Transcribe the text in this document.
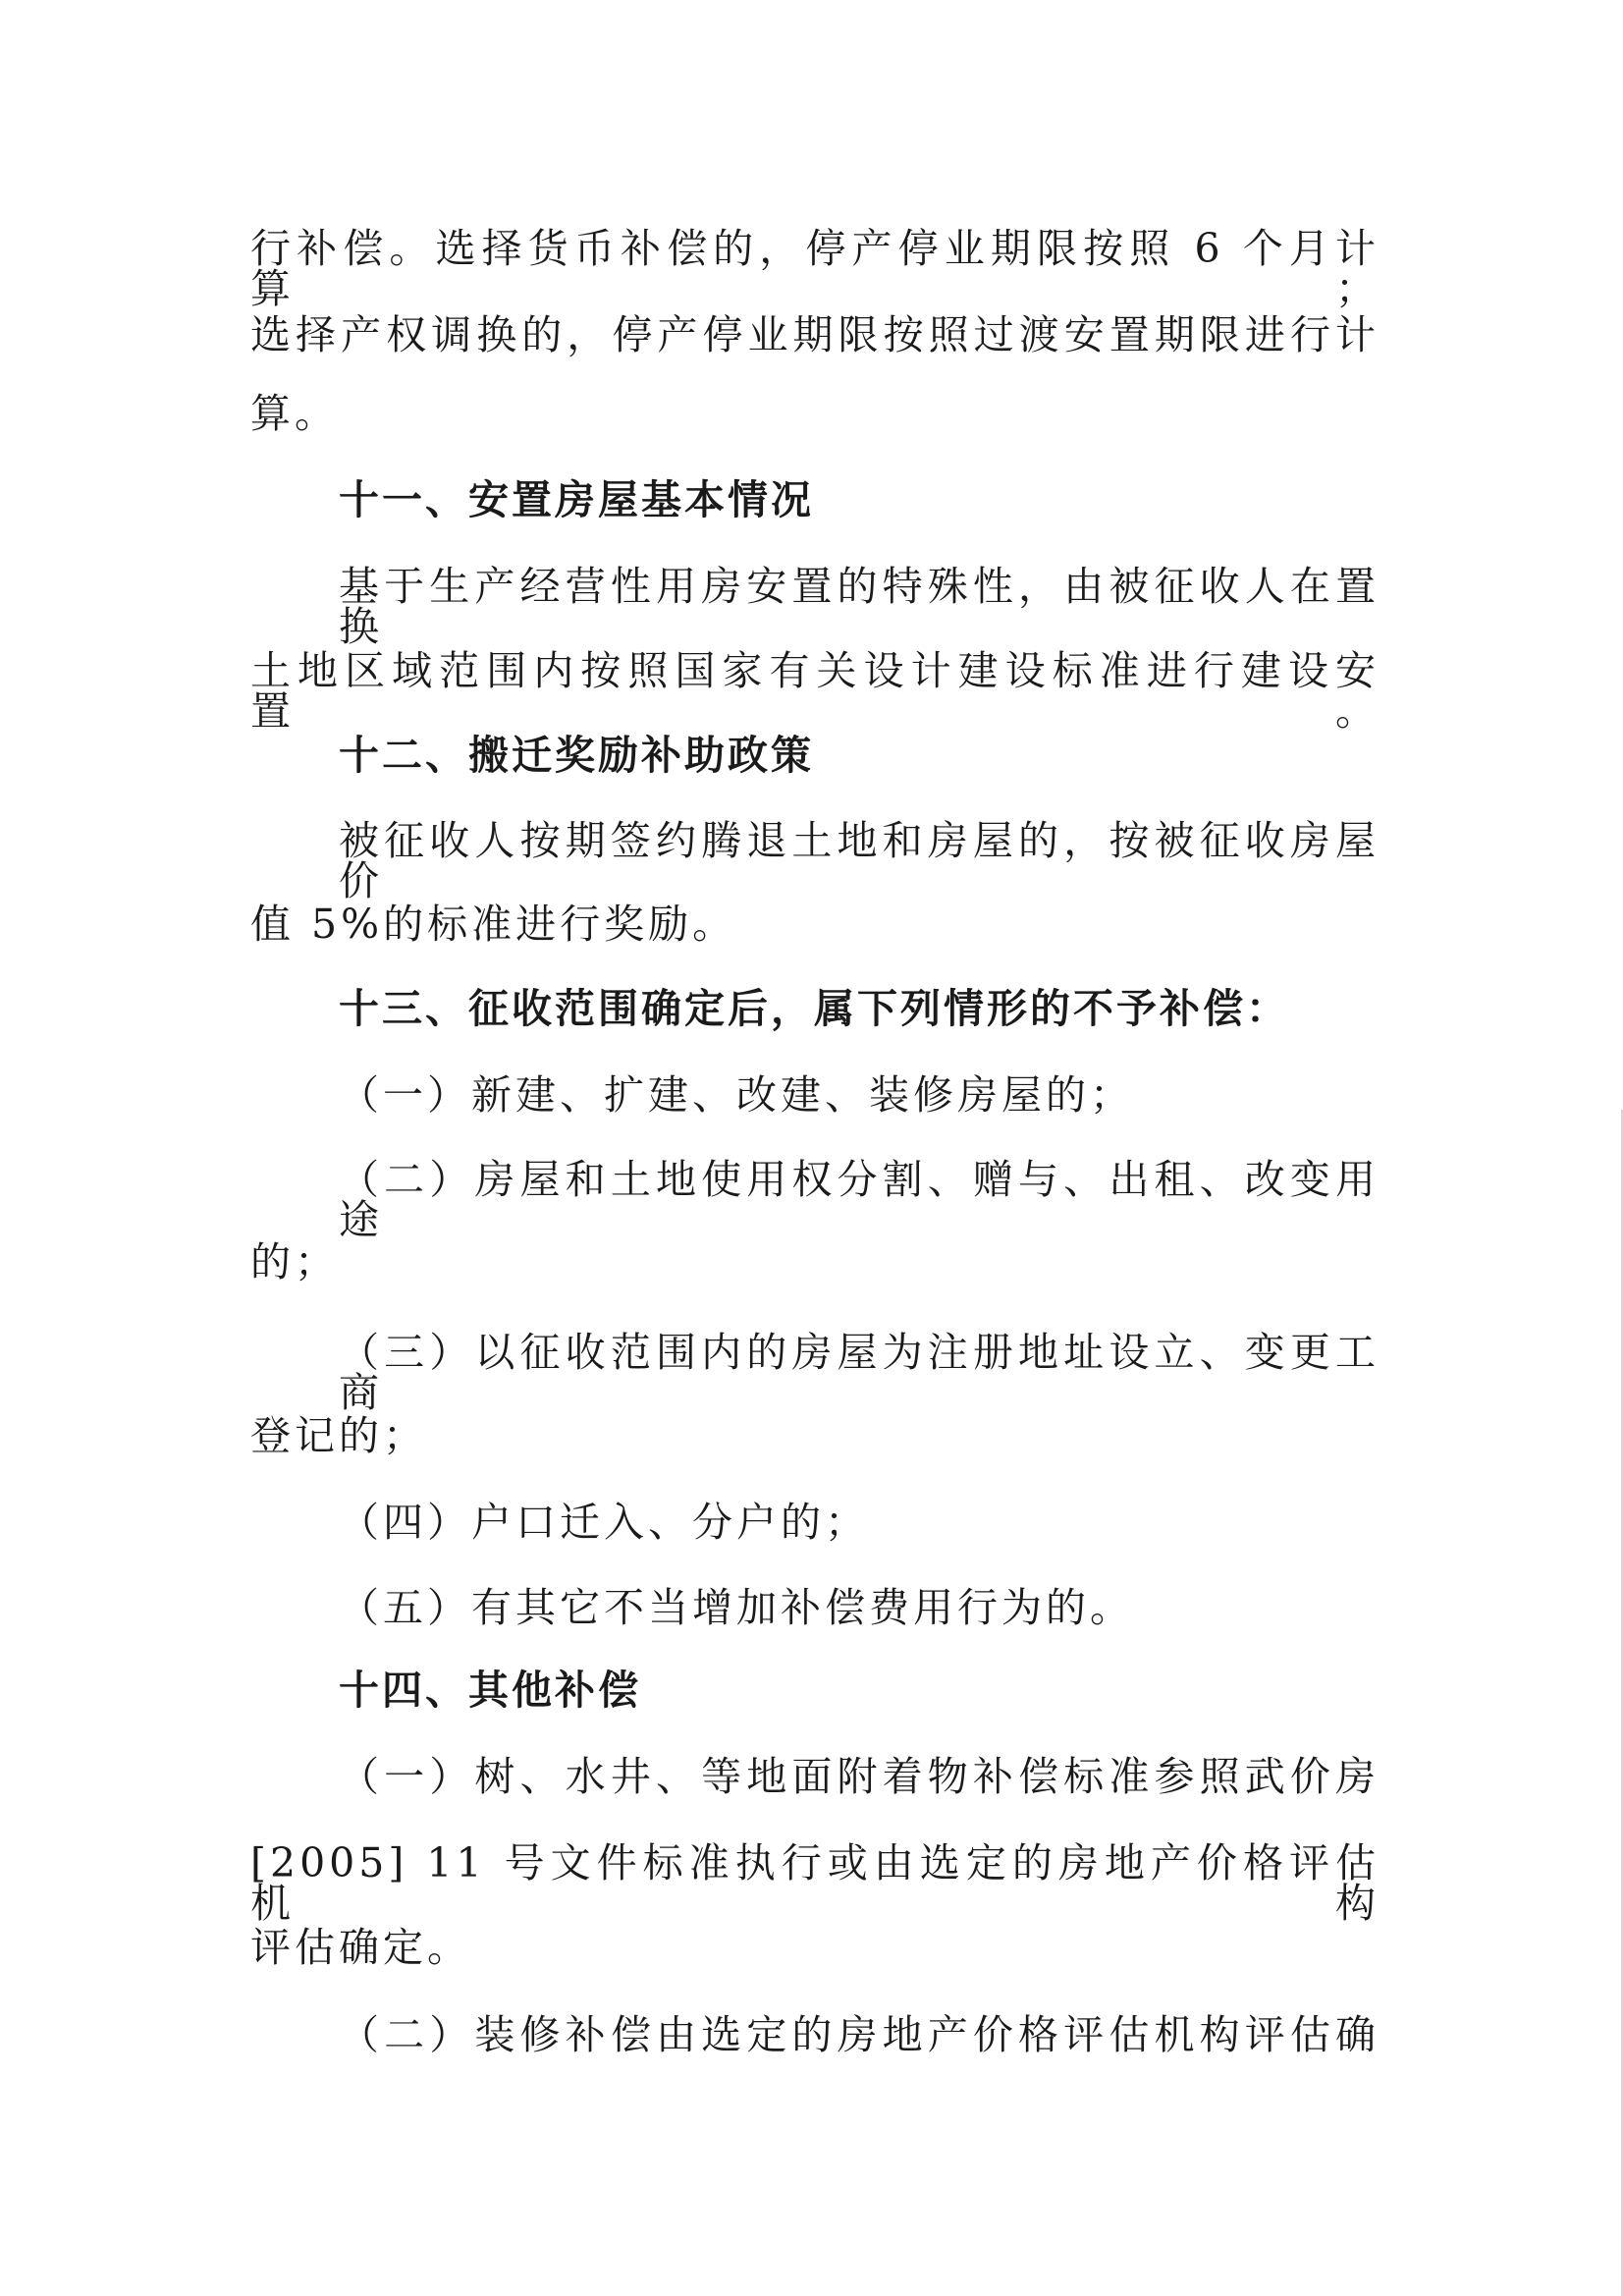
行补偿。选择货币补偿的，停产停业期限按照 6 个月计算；
选择产权调换的，停产停业期限按照过渡安置期限进行计
算。
十一、安置房屋基本情况
基于生产经营性用房安置的特殊性，由被征收人在置换
土地区域范围内按照国家有关设计建设标准进行建设安置。
十二、搬迁奖励补助政策
被征收人按期签约腾退土地和房屋的，按被征收房屋价
值 5%的标准进行奖励。
十三、征收范围确定后，属下列情形的不予补偿：
（一）新建、扩建、改建、装修房屋的；
（二）房屋和土地使用权分割、赠与、出租、改变用途
的；
（三）以征收范围内的房屋为注册地址设立、变更工商
登记的；
（四）户口迁入、分户的；
（五）有其它不当增加补偿费用行为的。
十四、其他补偿
（一）树、水井、等地面附着物补偿标准参照武价房
[2005] 11 号文件标准执行或由选定的房地产价格评估机构
评估确定。
（二）装修补偿由选定的房地产价格评估机构评估确
